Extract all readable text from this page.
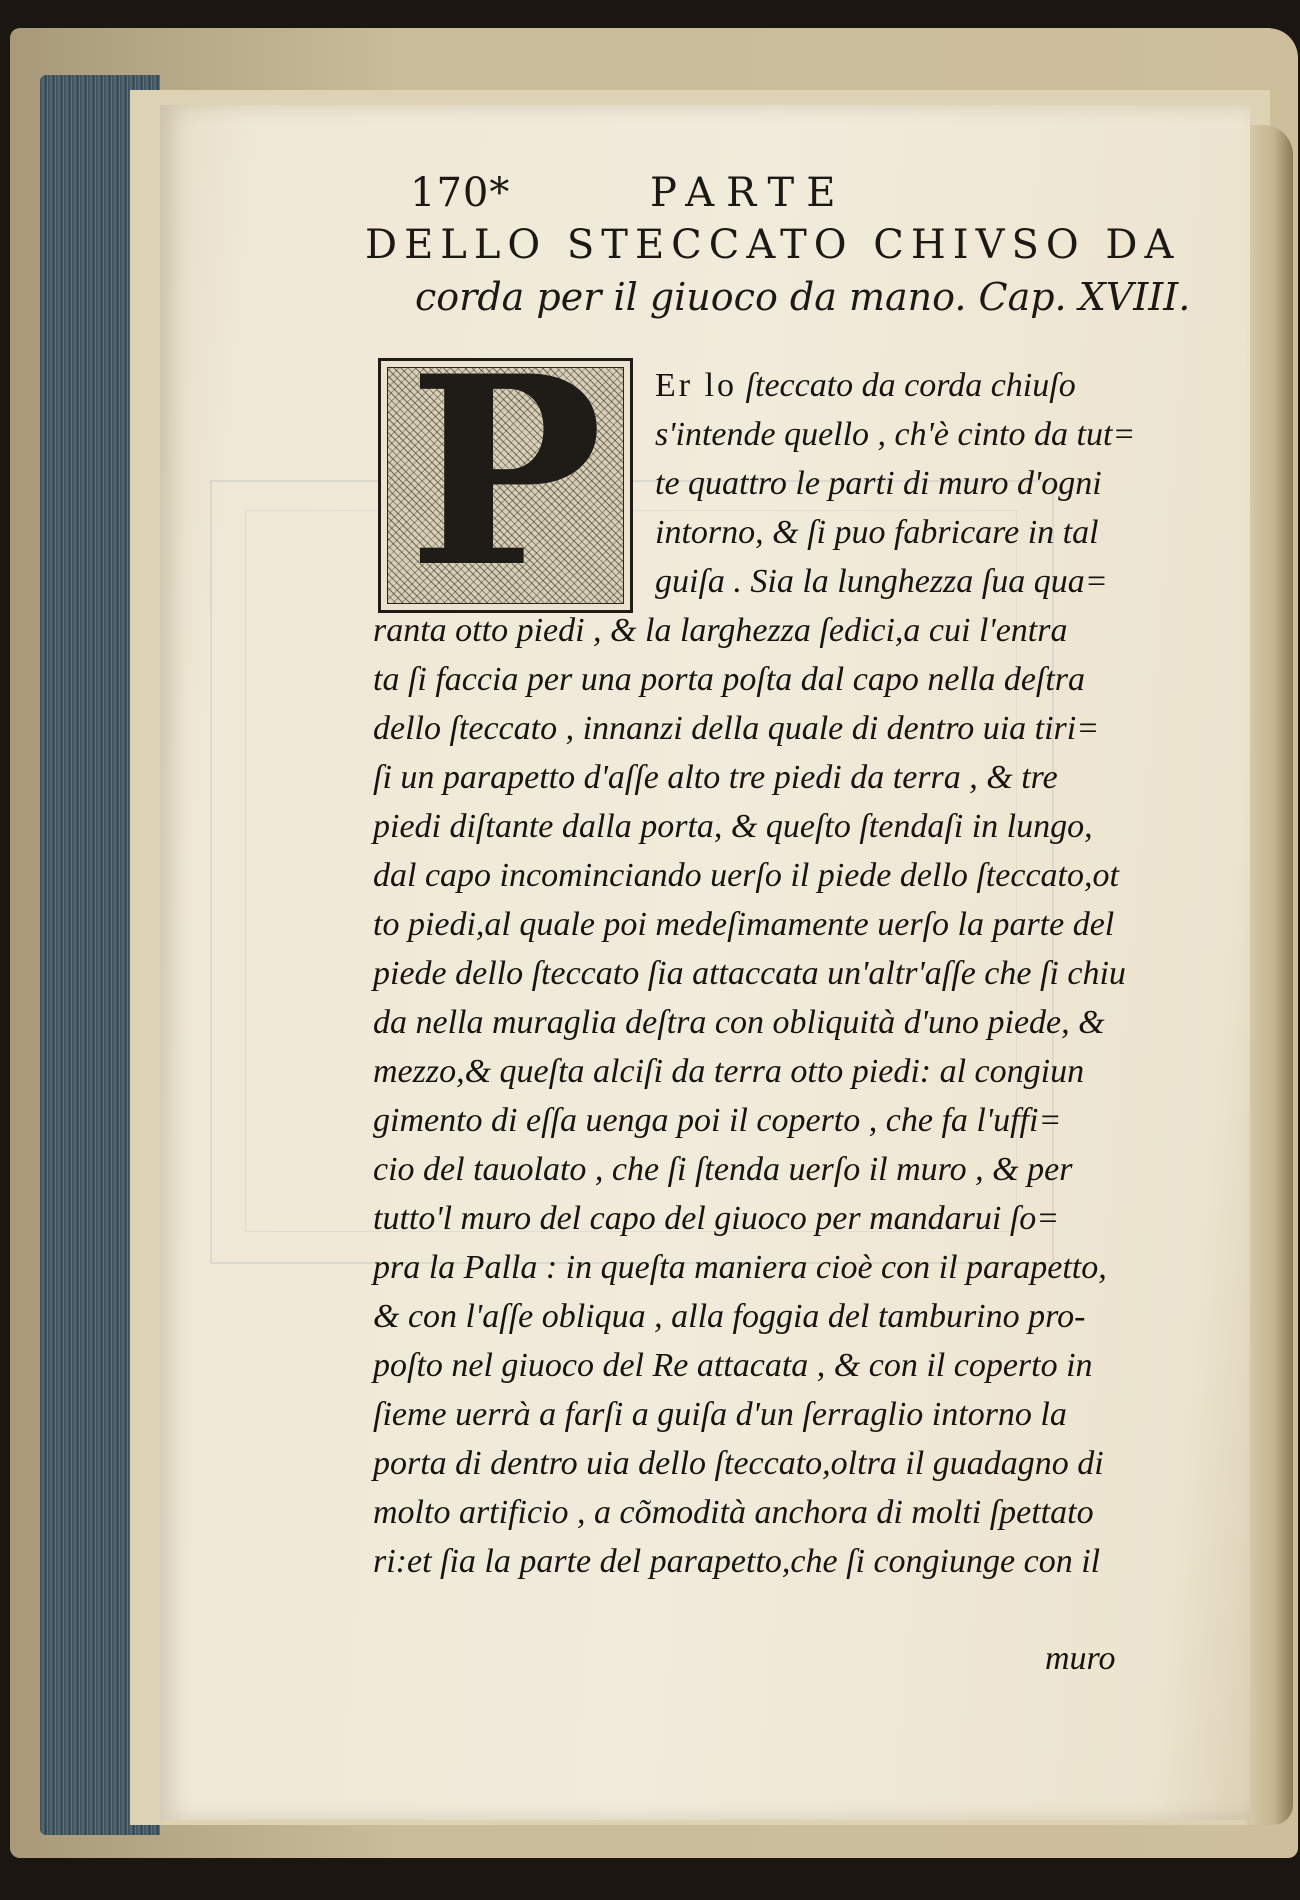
170*	PARTE
DELLO STECCATO CHIVSO DA
corda per il giuoco da mano. Cap. XVIII.
P	Er lo ſteccato da corda chiuſo
s'intende quello , ch'è cinto da tut=
te quattro le parti di muro d'ogni
intorno, & ſi puo fabricare in tal
guiſa . Sia la lunghezza ſua qua=
ranta otto piedi , & la larghezza ſedici,a cui l'entra
ta ſi faccia per una porta poſta dal capo nella deſtra
dello ſteccato , innanzi della quale di dentro uia tiri=
ſi un parapetto d'aſſe alto tre piedi da terra , & tre
piedi diſtante dalla porta, & queſto ſtendaſi in lungo,
dal capo incominciando uerſo il piede dello ſteccato,ot
to piedi,al quale poi medeſimamente uerſo la parte del
piede dello ſteccato ſia attaccata un'altr'aſſe che ſi chiu
da nella muraglia deſtra con obliquità d'uno piede, &
mezzo,& queſta alciſi da terra otto piedi: al congiun
gimento di eſſa uenga poi il coperto , che fa l'uffi=
cio del tauolato , che ſi ſtenda uerſo il muro , & per
tutto'l muro del capo del giuoco per mandarui ſo=
pra la Palla : in queſta maniera cioè con il parapetto,
& con l'aſſe obliqua , alla foggia del tamburino pro-
poſto nel giuoco del Re attacata , & con il coperto in
ſieme uerrà a farſi a guiſa d'un ſerraglio intorno la
porta di dentro uia dello ſteccato,oltra il guadagno di
molto artificio , a cõmodità anchora di molti ſpettato
ri:et ſia la parte del parapetto,che ſi congiunge con il
muro
